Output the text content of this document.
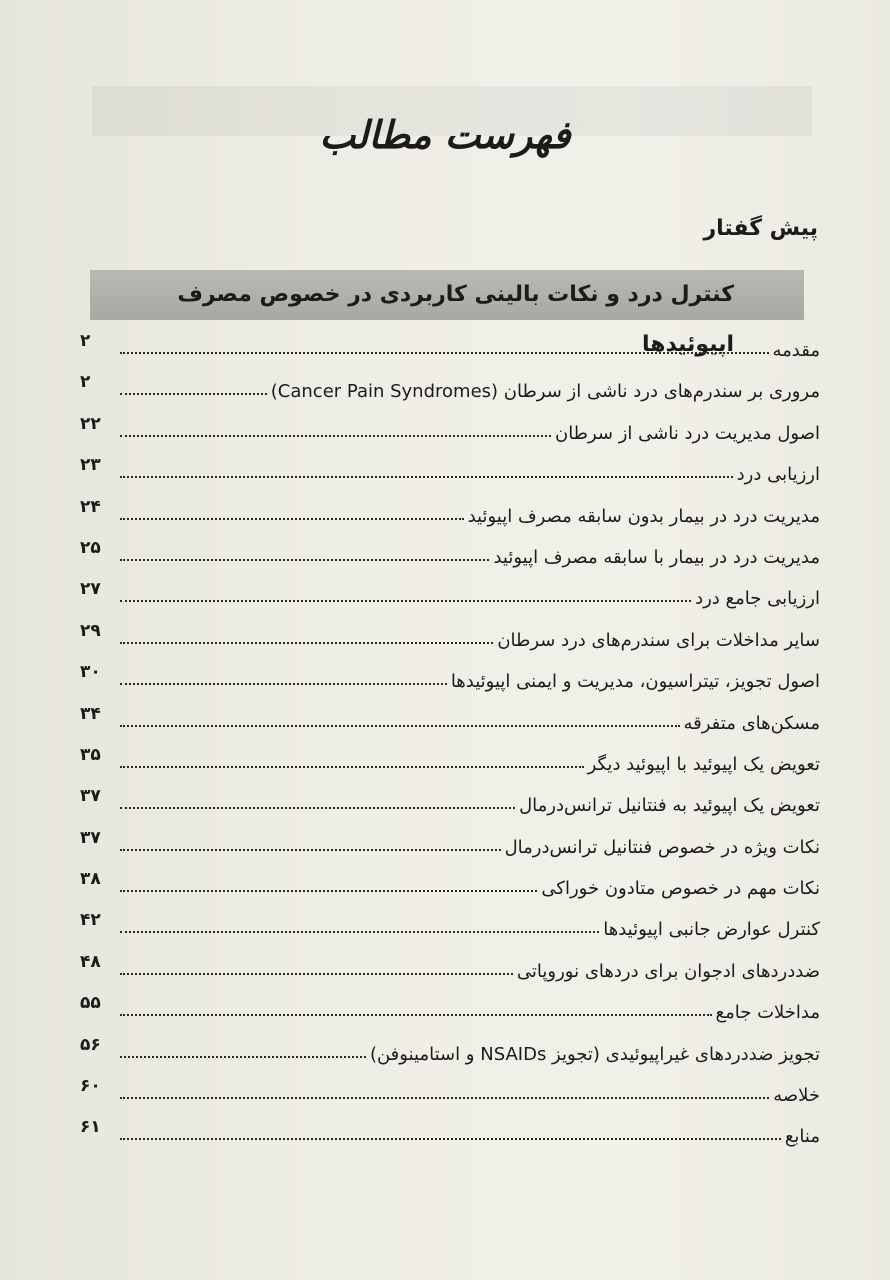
فهرست مطالب
پیش گفتار
کنترل درد و نکات بالینی کاربردی در خصوص مصرف اپیوئیدها	مقدمه
۲
مروری بر سندرم‌های درد ناشی از سرطان (Cancer Pain Syndromes)
۲
اصول مدیریت درد ناشی از سرطان
۲۲
ارزیابی درد
۲۳
مدیریت درد در بیمار بدون سابقه مصرف اپیوئید
۲۴
مدیریت درد در بیمار با سابقه مصرف اپیوئید
۲۵
ارزیابی جامع درد
۲۷
سایر مداخلات برای سندرم‌های درد سرطان
۲۹
اصول تجویز، تیتراسیون، مدیریت و ایمنی اپیوئیدها
۳۰
مسکن‌های متفرقه
۳۴
تعویض یک اپیوئید با اپیوئید دیگر
۳۵
تعویض یک اپیوئید به فنتانیل ترانس‌درمال
۳۷
نکات ویژه در خصوص فنتانیل ترانس‌درمال
۳۷
نکات مهم در خصوص متادون خوراکی
۳۸
کنترل عوارض جانبی اپیوئیدها
۴۲
ضددردهای ادجوان برای دردهای نوروپاتی
۴۸
مداخلات جامع
۵۵
تجویز ضددردهای غیراپیوئیدی (تجویز NSAIDs و استامینوفن)
۵۶
خلاصه
۶۰
منابع
۶۱
